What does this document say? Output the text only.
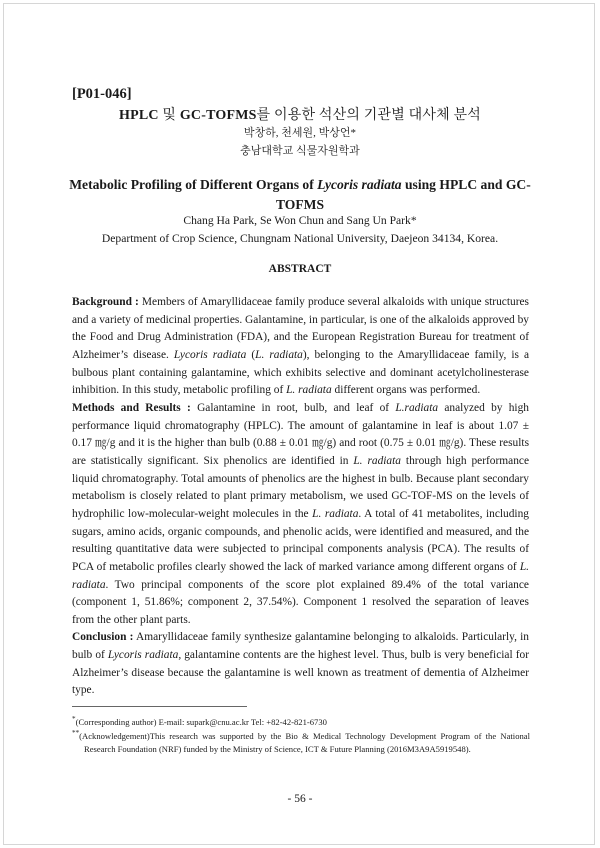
[P01-046]
HPLC 및 GC-TOFMS를 이용한 석산의 기관별 대사체 분석
박창하, 천세원, 박상언*
충남대학교 식물자원학과
Metabolic Profiling of Different Organs of Lycoris radiata using HPLC and GC-TOFMS
Chang Ha Park, Se Won Chun and Sang Un Park*
Department of Crop Science, Chungnam National University, Daejeon 34134, Korea.
ABSTRACT

Background : Members of Amaryllidaceae family produce several alkaloids with unique structures and a variety of medicinal properties. Galantamine, in particular, is one of the alkaloids approved by the Food and Drug Administration (FDA), and the European Registration Bureau for treatment of Alzheimer’s disease. Lycoris radiata (L. radiata), belonging to the Amaryllidaceae family, is a bulbous plant containing galantamine, which exhibits selective and dominant acetylcholinesterase inhibition. In this study, metabolic profiling of L. radiata different organs was performed.

Methods and Results : Galantamine in root, bulb, and leaf of L.radiata analyzed by high performance liquid chromatography (HPLC). The amount of galantamine in leaf is about 1.07 ± 0.17 ㎎/g and it is the higher than bulb (0.88 ± 0.01 ㎎/g) and root (0.75 ± 0.01 ㎎/g). These results are statistically significant. Six phenolics are identified in L. radiata through high performance liquid chromatography. Total amounts of phenolics are the highest in bulb. Because plant secondary metabolism is closely related to plant primary metabolism, we used GC-TOF-MS on the levels of hydrophilic low-molecular-weight molecules in the L. radiata. A total of 41 metabolites, including sugars, amino acids, organic compounds, and phenolic acids, were identified and measured, and the resulting quantitative data were subjected to principal components analysis (PCA). The results of PCA of metabolic profiles clearly showed the lack of marked variance among different organs of L. radiata. Two principal components of the score plot explained 89.4% of the total variance (component 1, 51.86%; component 2, 37.54%). Component 1 resolved the separation of leaves from the other plant parts.

Conclusion : Amaryllidaceae family synthesize galantamine belonging to alkaloids. Particularly, in bulb of Lycoris radiata, galantamine contents are the highest level. Thus, bulb is very beneficial for Alzheimer’s disease because the galantamine is well known as treatment of dementia of Alzheimer type.

*(Corresponding author) E-mail: supark@cnu.ac.kr Tel: +82-42-821-6730
**(Acknowledgement)This research was supported by the Bio & Medical Technology Development Program of the National Research Foundation (NRF) funded by the Ministry of Science, ICT & Future Planning (2016M3A9A5919548).
- 56 -
